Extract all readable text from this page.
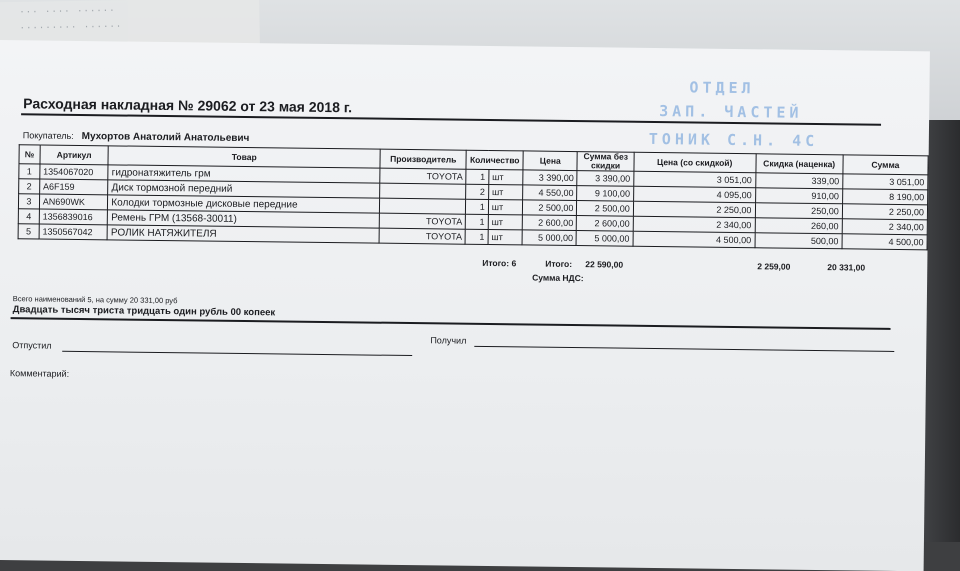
··· ···· ······
········· ······
ОТДЕЛ
ЗАП. ЧАСТЕЙ
ТОНИК С.Н. 4С
Расходная накладная № 29062 от 23 мая 2018 г.
Покупатель: Мухортов Анатолий Анатольевич
№	Артикул	Товар	Производитель	Количество		Цена	Сумма без скидки	Цена (со скидкой)	Скидка (наценка)	Сумма
1	1354067020	гидронатяжитель грм	TOYOTA	1	шт	3 390,00	3 390,00	3 051,00	339,00	3 051,00
2	A6F159	Диск тормозной передний		2	шт	4 550,00	9 100,00	4 095,00	910,00	8 190,00
3	AN690WK	Колодки тормозные дисковые передние		1	шт	2 500,00	2 500,00	2 250,00	250,00	2 250,00
4	1356839016	Ремень ГРМ (13568-30011)	TOYOTA	1	шт	2 600,00	2 600,00	2 340,00	260,00	2 340,00
5	1350567042	РОЛИК НАТЯЖИТЕЛЯ	TOYOTA	1	шт	5 000,00	5 000,00	4 500,00	500,00	4 500,00
Итого: 6	Итого: 22 590,00	2 259,00	20 331,00
Сумма НДС:
Всего наименований 5, на сумму 20 331,00 руб
Двадцать тысяч триста тридцать один рубль 00 копеек
Отпустил	Получил
Комментарий:
